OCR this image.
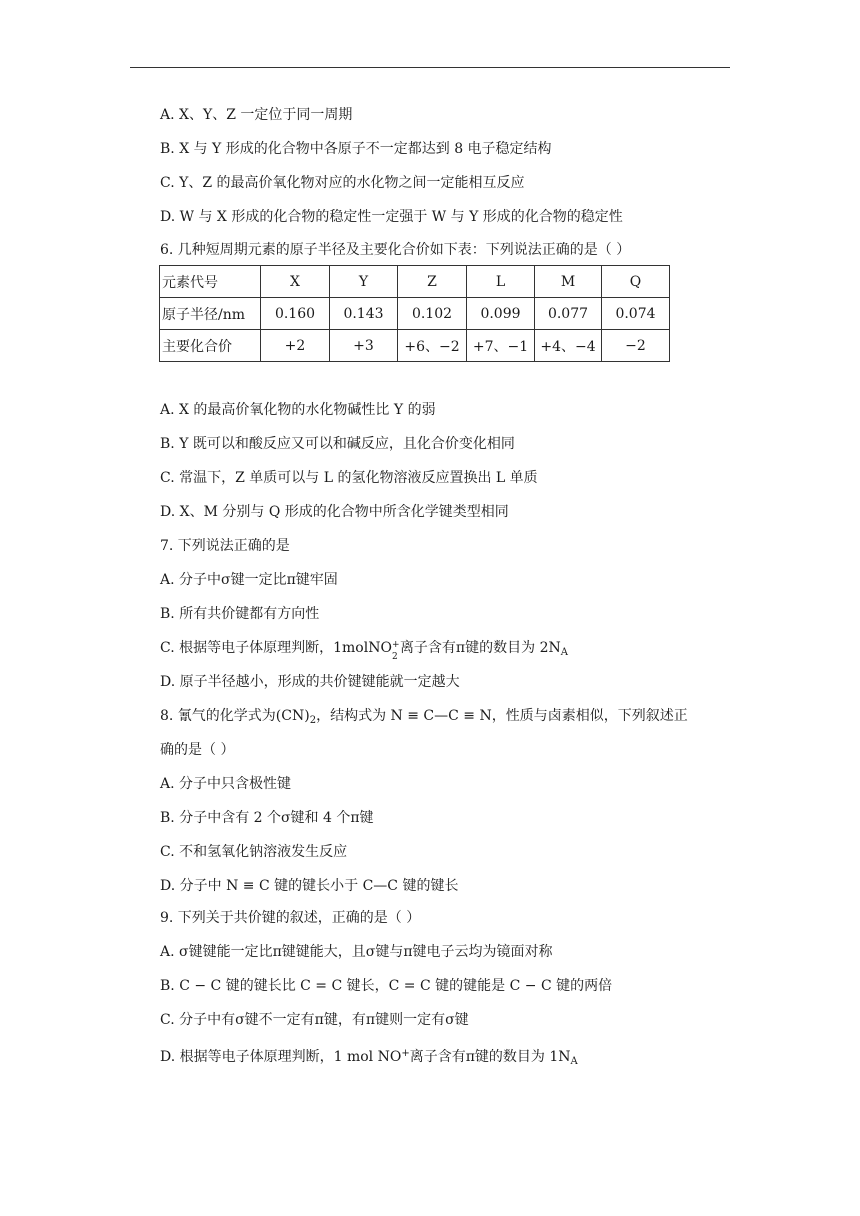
A. X、Y、Z 一定位于同一周期
B. X 与 Y 形成的化合物中各原子不一定都达到 8 电子稳定结构
C. Y、Z 的最高价氧化物对应的水化物之间一定能相互反应
D. W 与 X 形成的化合物的稳定性一定强于 W 与 Y 形成的化合物的稳定性
6. 几种短周期元素的原子半径及主要化合价如下表：下列说法正确的是（ ）
元素代号	X	Y	Z	L	M	Q
原子半径/nm	0.160	0.143	0.102	0.099	0.077	0.074
主要化合价	+2	+3	+6、−2	+7、−1	+4、−4	−2
A. X 的最高价氧化物的水化物碱性比 Y 的弱
B. Y 既可以和酸反应又可以和碱反应，且化合价变化相同
C. 常温下，Z 单质可以与 L 的氢化物溶液反应置换出 L 单质
D. X、M 分别与 Q 形成的化合物中所含化学键类型相同
7. 下列说法正确的是
A. 分子中σ键一定比π键牢固
B. 所有共价键都有方向性
C. 根据等电子体原理判断，1molNO +
2
离子含有π键的数目为 $2N_A$
D. 原子半径越小，形成的共价键键能就一定越大
8. 氰气的化学式为$(CN)_2$，结构式为 N ≡ C—C ≡ N，性质与卤素相似，下列叙述正
确的是（ ）
A. 分子中只含极性键
B. 分子中含有 2 个σ键和 4 个π键
C. 不和氢氧化钠溶液发生反应
D. 分子中 N ≡ C 键的键长小于 C—C 键的键长
9. 下列关于共价键的叙述，正确的是（ ）
A. σ键键能一定比π键键能大，且σ键与π键电子云均为镜面对称
B. C − C 键的键长比 C = C 键长，C = C 键的键能是 C − C 键的两倍
C. 分子中有σ键不一定有π键，有π键则一定有σ键
D. 根据等电子体原理判断，1 mol NO+离子含有π键的数目为 $1N_A$
